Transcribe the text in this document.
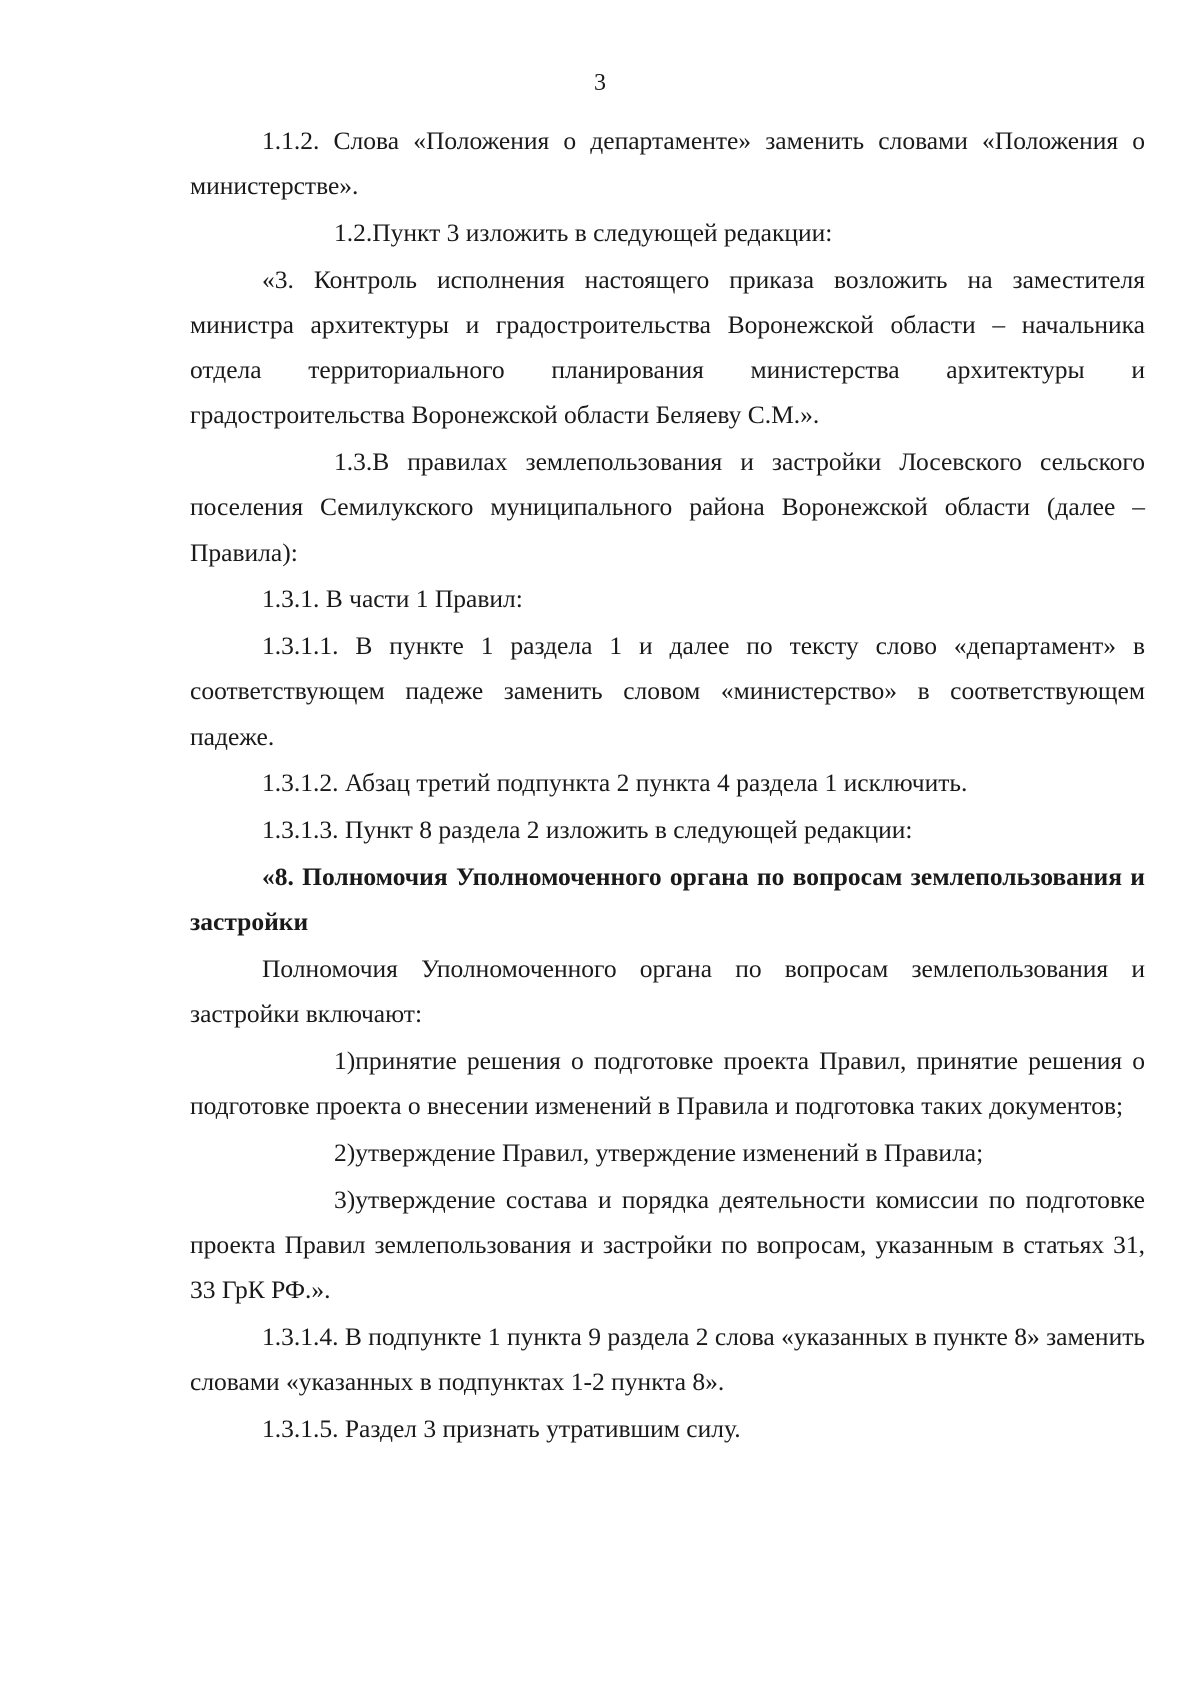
3

1.1.2. Слова «Положения о департаменте» заменить словами «Положения о министерстве».

1.2.Пункт 3 изложить в следующей редакции:

«3. Контроль исполнения настоящего приказа возложить на заместителя министра архитектуры и градостроительства Воронежской области – начальника отдела территориального планирования министерства архитектуры и градостроительства Воронежской области Беляеву С.М.».

1.3.В правилах землепользования и застройки Лосевского сельского поселения Семилукского муниципального района Воронежской области (далее – Правила):

1.3.1. В части 1 Правил:

1.3.1.1. В пункте 1 раздела 1 и далее по тексту слово «департамент» в соответствующем падеже заменить словом «министерство» в соответствующем падеже.

1.3.1.2. Абзац третий подпункта 2 пункта 4 раздела 1 исключить.

1.3.1.3. Пункт 8 раздела 2 изложить в следующей редакции:

«8. Полномочия Уполномоченного органа по вопросам землепользования и застройки

Полномочия Уполномоченного органа по вопросам землепользования и застройки включают:

1)принятие решения о подготовке проекта Правил, принятие решения о подготовке проекта о внесении изменений в Правила и подготовка таких документов;

2)утверждение Правил, утверждение изменений в Правила;

3)утверждение состава и порядка деятельности комиссии по подготовке проекта Правил землепользования и застройки по вопросам, указанным в статьях 31, 33 ГрК РФ.».

1.3.1.4. В подпункте 1 пункта 9 раздела 2 слова «указанных в пункте 8» заменить словами «указанных в подпунктах 1-2 пункта 8».

1.3.1.5. Раздел 3 признать утратившим силу.
